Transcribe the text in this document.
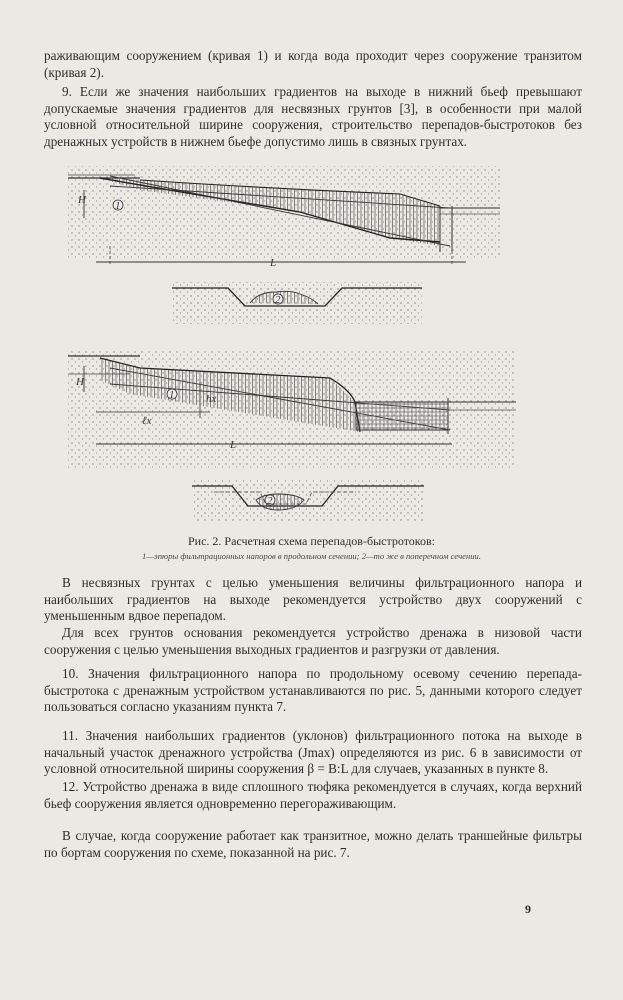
раживающим сооружением (кривая 1) и когда вода проходит через сооружение транзитом (кривая 2).

9. Если же значения наибольших градиентов на выходе в нижний бьеф превышают допускаемые значения градиентов для несвязных грунтов [3], в особенности при малой условной относительной ширине сооружения, строительство перепадов-быстротоков без дренажных устройств в нижнем бьефе допустимо лишь в связных грунтах.

H	1
L
2
H
1
ℓx
hx
L
2

Рис. 2. Расчетная схема перепадов-быстротоков:

1—эпюры фильтрационных напоров в продольном сечении; 2—то же в поперечном сечении.

В несвязных грунтах с целью уменьшения величины фильтрационного напора и наибольших градиентов на выходе рекомендуется устройство двух сооружений с уменьшенным вдвое перепадом.

Для всех грунтов основания рекомендуется устройство дренажа в низовой части сооружения с целью уменьшения выходных градиентов и разгрузки от давления.

10. Значения фильтрационного напора по продольному осевому сечению перепада-быстротока с дренажным устройством устанавливаются по рис. 5, данными которого следует пользоваться согласно указаниям пункта 7.

11. Значения наибольших градиентов (уклонов) фильтрационного потока на выходе в начальный участок дренажного устройства (Jmax) определяются из рис. 6 в зависимости от условной относительной ширины сооружения β = B:L для случаев, указанных в пункте 8.

12. Устройство дренажа в виде сплошного тюфяка рекомендуется в случаях, когда верхний бьеф сооружения является одновременно перегораживающим.

В случае, когда сооружение работает как транзитное, можно делать траншейные фильтры по бортам сооружения по схеме, показанной на рис. 7.

9
